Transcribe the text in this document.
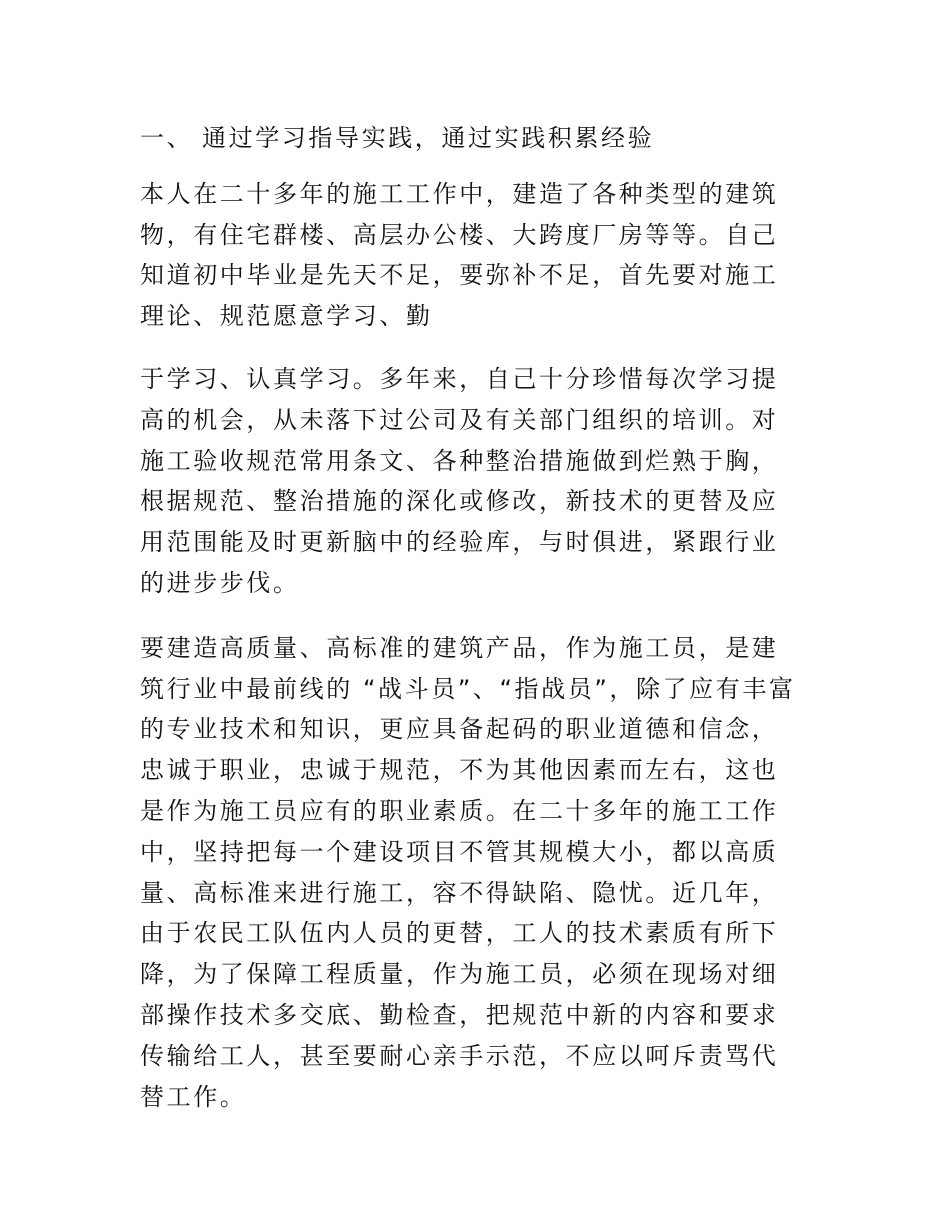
一、 通过学习指导实践，通过实践积累经验

本人在二十多年的施工工作中，建造了各种类型的建筑物，有住宅群楼、高层办公楼、大跨度厂房等等。自己知道初中毕业是先天不足，要弥补不足，首先要对施工理论、规范愿意学习、勤

于学习、认真学习。多年来，自己十分珍惜每次学习提高的机会，从未落下过公司及有关部门组织的培训。对施工验收规范常用条文、各种整治措施做到烂熟于胸，根据规范、整治措施的深化或修改，新技术的更替及应用范围能及时更新脑中的经验库，与时俱进，紧跟行业的进步步伐。

要建造高质量、高标准的建筑产品，作为施工员，是建筑行业中最前线的 “战斗员”、“指战员”，除了应有丰富的专业技术和知识，更应具备起码的职业道德和信念，忠诚于职业，忠诚于规范，不为其他因素而左右，这也是作为施工员应有的职业素质。在二十多年的施工工作中，坚持把每一个建设项目不管其规模大小，都以高质量、高标准来进行施工，容不得缺陷、隐忧。近几年，由于农民工队伍内人员的更替，工人的技术素质有所下降，为了保障工程质量，作为施工员，必须在现场对细部操作技术多交底、勤检查，把规范中新的内容和要求传输给工人，甚至要耐心亲手示范，不应以呵斥责骂代替工作。
